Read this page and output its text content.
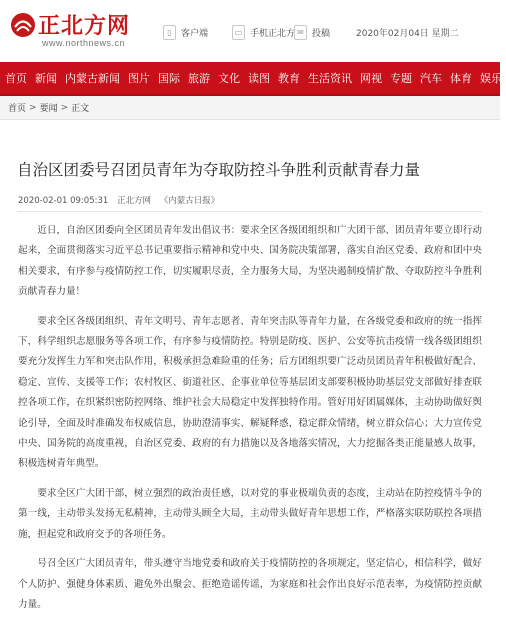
正北方网
www.northnews.cn
▯	客户端	▭ 手机正北方 ✉ 投稿	2020年02月04日 星期二
首页 新闻 内蒙古新闻 图片 国际 旅游 文化 读图 教育 生活资讯 网视 专题 汽车 体育 娱乐
首页 > 要闻 > 正文
自治区团委号召团员青年为夺取防控斗争胜利贡献青春力量
2020-02-01 09:05:31 正北方网 《内蒙古日报》

近日，自治区团委向全区团员青年发出倡议书：要求全区各级团组织和广大团干部、团员青年要立即行动起来，全面贯彻落实习近平总书记重要指示精神和党中央、国务院决策部署，落实自治区党委、政府和团中央相关要求，有序参与疫情防控工作，切实履职尽责，全力服务大局，为坚决遏制疫情扩散、夺取防控斗争胜利贡献青春力量！

要求全区各级团组织、青年文明号、青年志愿者、青年突击队等青年力量，在各级党委和政府的统一指挥下，科学组织志愿服务等各项工作，有序参与疫情防控。特别是防疫、医护、公安等抗击疫情一线各级团组织要充分发挥生力军和突击队作用，积极承担急难险重的任务；后方团组织要广泛动员团员青年积极做好配合、稳定、宣传、支援等工作；农村牧区、街道社区、企事业单位等基层团支部要积极协助基层党支部做好排查联控各项工作，在织紧织密防控网络、维护社会大局稳定中发挥独特作用。管好用好团属媒体，主动协助做好舆论引导，全面及时准确发布权威信息，协助澄清事实、解疑释惑，稳定群众情绪，树立群众信心；大力宣传党中央、国务院的高度重视，自治区党委、政府的有力措施以及各地落实情况，大力挖掘各类正能量感人故事，积极选树青年典型。

要求全区广大团干部，树立强烈的政治责任感，以对党的事业极端负责的态度，主动站在防控疫情斗争的第一线，主动带头发扬无私精神，主动带头顾全大局，主动带头做好青年思想工作，严格落实联防联控各项措施，担起党和政府交予的各项任务。

号召全区广大团员青年，带头遵守当地党委和政府关于疫情防控的各项规定，坚定信心，相信科学，做好个人防护、强健身体素质、避免外出聚会、拒绝造谣传谣，为家庭和社会作出良好示范表率，为疫情防控贡献力量。
